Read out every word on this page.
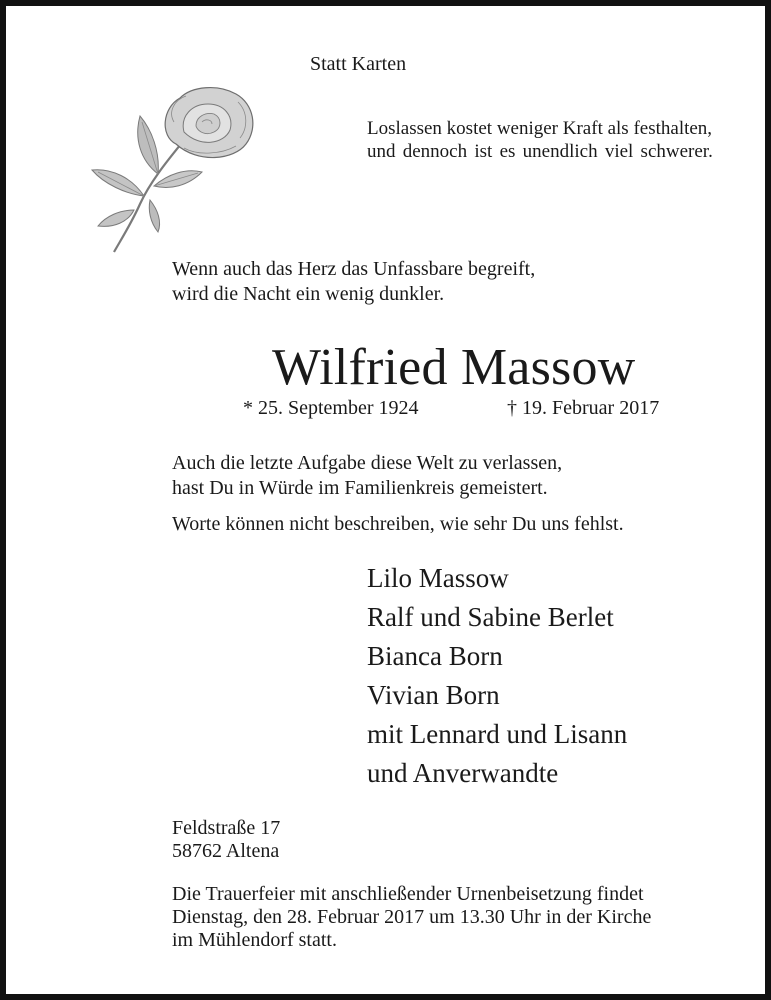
Statt Karten
Loslassen kostet weniger Kraft als festhalten,
und dennoch ist es unendlich viel schwerer.
Wenn auch das Herz das Unfassbare begreift,
wird die Nacht ein wenig dunkler.
Wilfried Massow
* 25. September 1924	† 19. Februar 2017
Auch die letzte Aufgabe diese Welt zu verlassen,
hast Du in Würde im Familienkreis gemeistert.
Worte können nicht beschreiben, wie sehr Du uns fehlst.
Lilo Massow
Ralf und Sabine Berlet
Bianca Born
Vivian Born
mit Lennard und Lisann
und Anverwandte
Feldstraße 17
58762 Altena
Die Trauerfeier mit anschließender Urnenbeisetzung findet
Dienstag, den 28. Februar 2017 um 13.30 Uhr in der Kirche
im Mühlendorf statt.
